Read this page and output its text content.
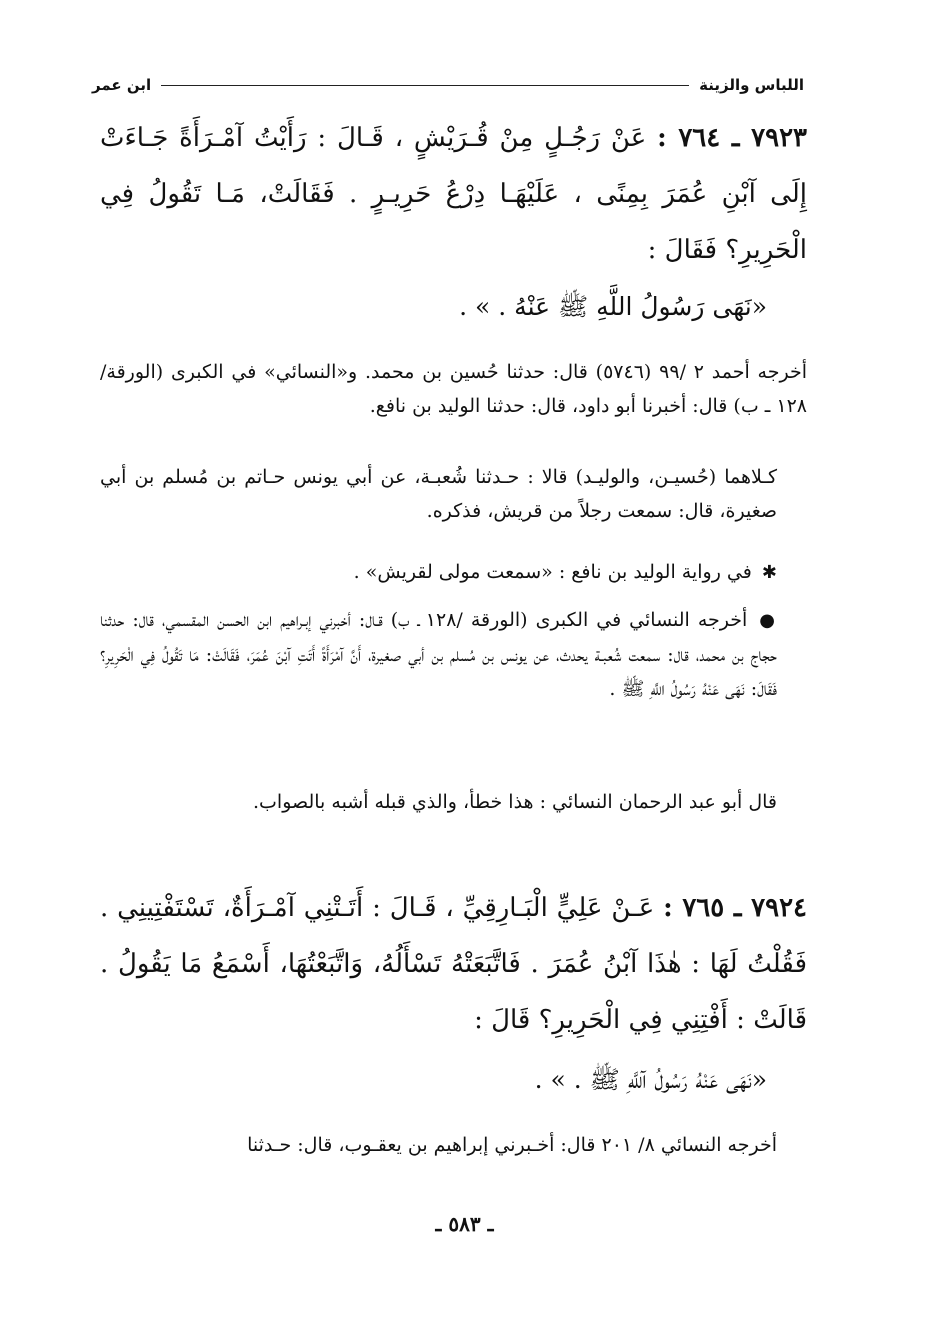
اللباس والزينة
ابن عمر
٧٩٢٣ ـ ٧٦٤ : عَنْ رَجُـلٍ مِنْ قُـرَيْشٍ ، قَـالَ : رَأَيْتُ آمْـرَأَةً جَـاءَتْ إِلَى آبْنِ عُمَرَ بِمِنًى ، عَلَيْهَـا دِرْعُ حَرِيـرٍ . فَقَالَتْ، مَـا تَقُولُ فِي الْحَرِيرِ؟ فَقَالَ :
«نَهَى رَسُولُ اللَّهِ ﷺ عَنْهُ . » .
أخرجه أحمد ٢ /٩٩ (٥٧٤٦) قال: حدثنا حُسين بن محمد. و«النسائي» في الكبرى (الورقة/ ١٢٨ ـ ب) قال: أخبرنا أبو داود، قال: حدثنا الوليد بن نافع.
كـلاهما (حُسيـن، والوليـد) قالا : حـدثنا شُعبـة، عن أبي يونس حـاتم بن مُسلم بن أبي صغيرة، قال: سمعت رجلاً من قريش، فذكره.
✱ في رواية الوليد بن نافع : «سمعت مولى لقريش» .
● أخرجه النسائي في الكبرى (الورقة /١٢٨ ـ ب) قـال: أخبرني إبـراهيم ابن الحسن المقسمي، قال: حدثنا حجاج بن محمد، قال: سمعت شُعبـة يحدث، عن يونس بن مُسلم بن أبي صغيرة، أَنَّ آمْرَأَةً أَتَتِ آبْنَ عُمَرَ، فَقَالَتْ: مَا تَقُولُ فِي الْحَرِيرِ؟ فَقَالَ: نَهَى عَنْهُ رَسُولُ اللَّهِ ﷺ .
قال أبو عبد الرحمان النسائي : هذا خطأ، والذي قبله أشبه بالصواب.
٧٩٢٤ ـ ٧٦٥ : عَـنْ عَلِيٍّ الْبَـارِقِيِّ ، قَـالَ : أَتَـتْنِي آمْـرَأَةٌ، تَسْتَفْتِينِي . فَقُلْتُ لَهَا : هٰذَا آبْنُ عُمَرَ . فَاتَّبَعَتْهُ تَسْأَلُهُ، وَاتَّبَعْتُهَا، أَسْمَعُ مَا يَقُولُ . قَالَتْ : أَفْتِنِي فِي الْحَرِيرِ؟ قَالَ :
«نَهَى عَنْهُ رَسُولُ آللَّهِ ﷺ . » .
أخرجه النسائي ٨/ ٢٠١ قال: أخـبرني إبراهيم بن يعقـوب، قال: حـدثنا
ـ ٥٨٣ ـ
